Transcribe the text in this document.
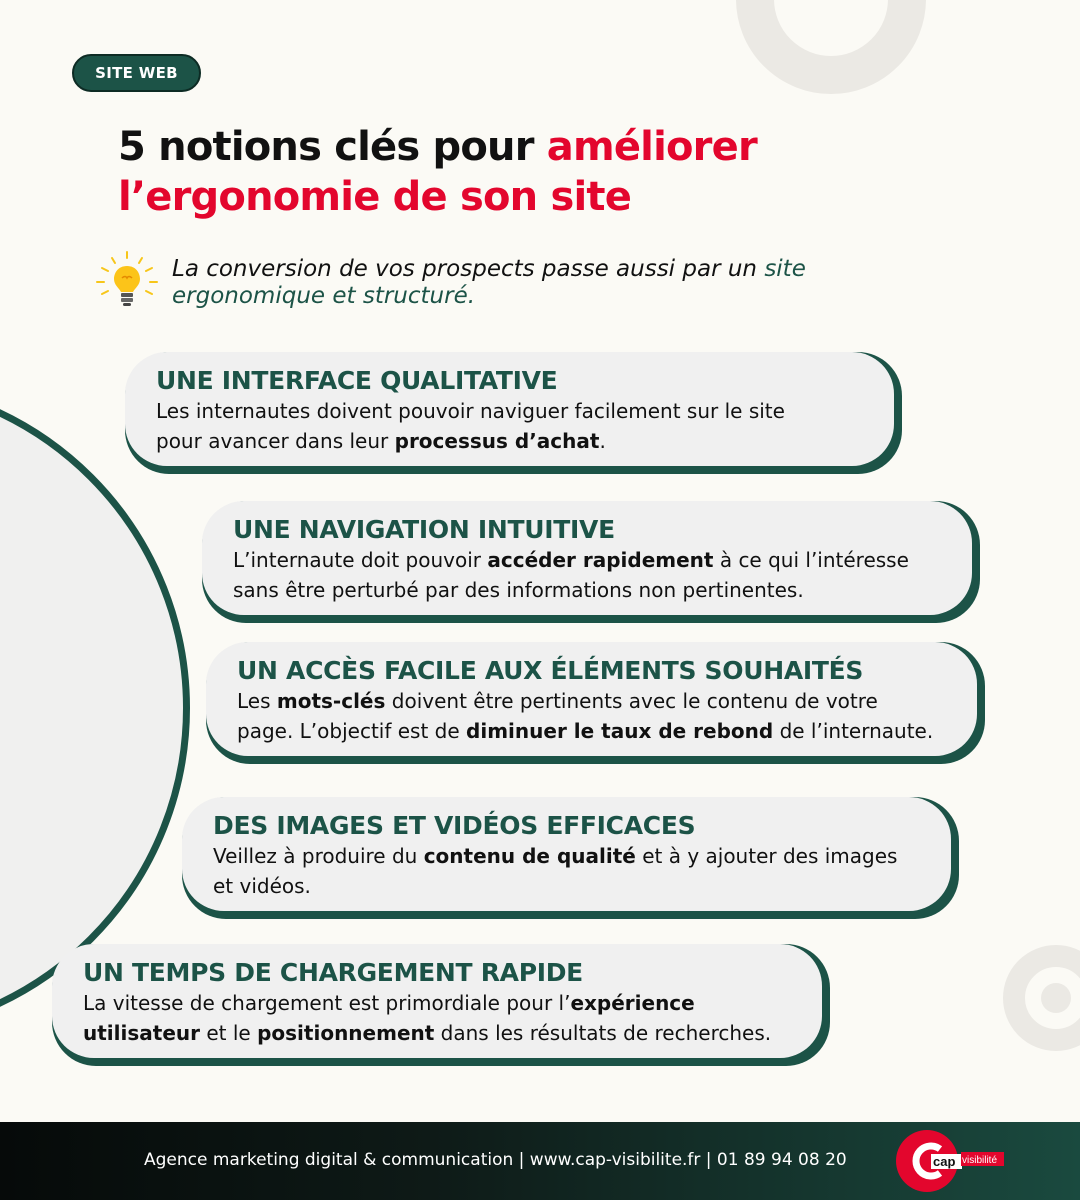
SITE WEB
5 notions clés pour améliorer
l’ergonomie de son site

La conversion de vos prospects passe aussi par un site ergonomique et structuré.

UNE INTERFACE QUALITATIVE

Les internautes doivent pouvoir naviguer facilement sur le site

pour avancer dans leur processus d’achat.

UNE NAVIGATION INTUITIVE

L’internaute doit pouvoir accéder rapidement à ce qui l’intéresse

sans être perturbé par des informations non pertinentes.

UN ACCÈS FACILE AUX ÉLÉMENTS SOUHAITÉS

Les mots-clés doivent être pertinents avec le contenu de votre

page. L’objectif est de diminuer le taux de rebond de l’internaute.

DES IMAGES ET VIDÉOS EFFICACES

Veillez à produire du contenu de qualité et à y ajouter des images

et vidéos.

UN TEMPS DE CHARGEMENT RAPIDE

La vitesse de chargement est primordiale pour l’expérience

utilisateur et le positionnement dans les résultats de recherches.

Agence marketing digital & communication | www.cap-visibilite.fr | 01 89 94 08 20	cap visibilité
